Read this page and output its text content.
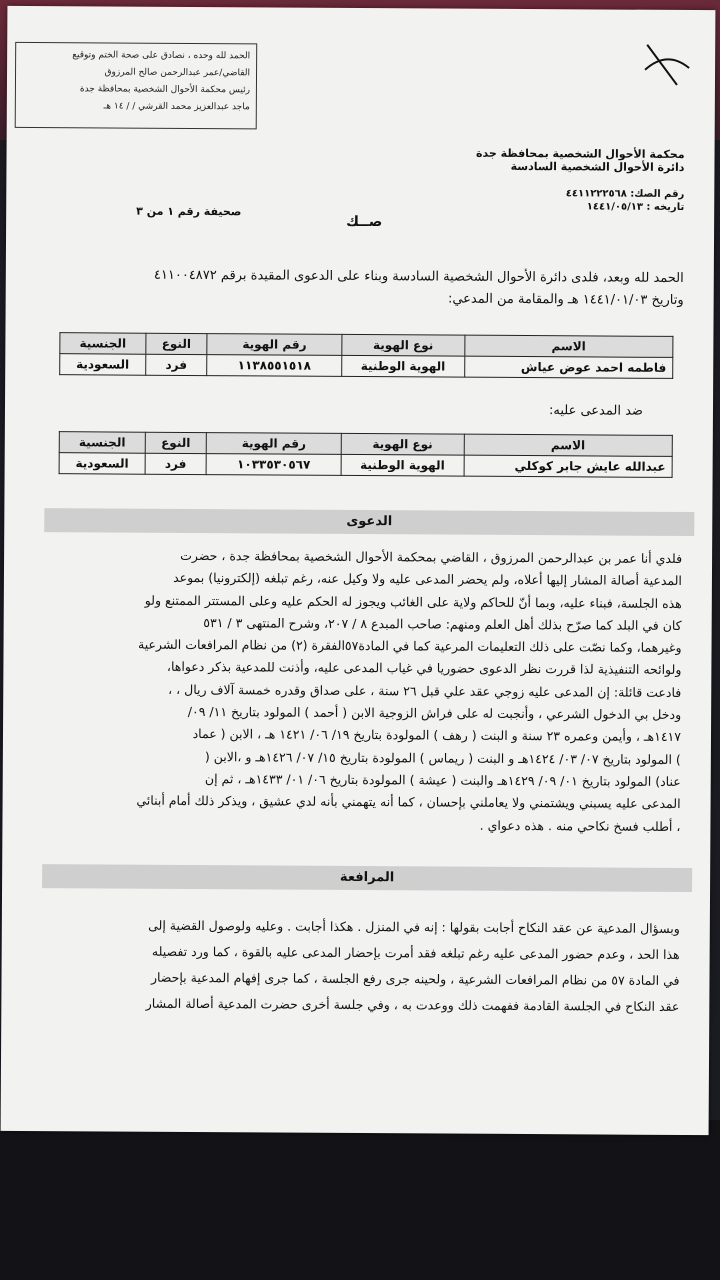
الحمد لله وحده ، نصادق على صحة الختم وتوقيع
القاضي/عمر عبدالرحمن صالح المرزوق
رئيس محكمة الأحوال الشخصية بمحافظة جدة
ماجد عبدالعزيز محمد القرشي / / ١٤ هـ
محكمة الأحوال الشخصية بمحافظة جدة
دائرة الأحوال الشخصية السادسة
رقم الصك: ٤٤١١٢٢٢٥٦٨
تاريخه : ١٤٤١/٠٥/١٣
صحيفة رقم ١ من ٣
صــك
الحمد لله وبعد، فلدى دائرة الأحوال الشخصية السادسة وبناء على الدعوى المقيدة برقم ٤١١٠٠٤٨٧٢
وتاريخ ١٤٤١/٠١/٠٣ هـ والمقامة من المدعي:
الاسم	نوع الهوية	رقم الهوية	النوع	الجنسية
فاطمه احمد عوض عياش	الهوية الوطنية	١١٣٨٥٥١٥١٨	فرد	السعودية
ضد المدعى عليه:
الاسم	نوع الهوية	رقم الهوية	النوع	الجنسية
عبدالله عايش جابر كوكلي	الهوية الوطنية	١٠٣٣٥٣٠٥٦٧	فرد	السعودية
الدعوى
فلدي أنا عمر بن عبدالرحمن المرزوق ، القاضي بمحكمة الأحوال الشخصية بمحافظة جدة ، حضرت
المدعية أصالة المشار إليها أعلاه، ولم يحضر المدعى عليه ولا وكيل عنه، رغم تبلغه (إلكترونيا) بموعد
هذه الجلسة، فبناء عليه، وبما أنّ للحاكم ولاية على الغائب ويجوز له الحكم عليه وعلى المستتر الممتنع ولو
كان في البلد كما صرّح بذلك أهل العلم ومنهم: صاحب المبدع ٨ / ٢٠٧، وشرح المنتهى ٣ / ٥٣١
وغيرهما، وكما نصّت على ذلك التعليمات المرعية كما في المادة٥٧الفقرة (٢) من نظام المرافعات الشرعية
ولوائحه التنفيذية لذا قررت نظر الدعوى حضوريا في غياب المدعى عليه، وأذنت للمدعية بذكر دعواها،
فادعت قائلة: إن المدعى عليه زوجي عقد علي قبل ٢٦ سنة ، على صداق وقدره خمسة آلاف ريال ، ،
ودخل بي الدخول الشرعي ، وأنجبت له على فراش الزوجية الابن ( أحمد ) المولود بتاريخ ١١/ ٠٩/
١٤١٧هـ ، وأيمن وعمره ٢٣ سنة و البنت ( رهف ) المولودة بتاريخ ١٩/ ٠٦/ ١٤٢١ هـ ، الابن ( عماد
) المولود بتاريخ ٠٧/ ٠٣/ ١٤٢٤هـ و البنت ( ريماس ) المولودة بتاريخ ١٥/ ٠٧/ ١٤٢٦هـ و ،الابن (
عناد) المولود بتاريخ ٠١/ ٠٩/ ١٤٢٩هـ والبنت ( عيشة ) المولودة بتاريخ ٠٦/ ٠١/ ١٤٣٣هـ ، ثم إن
المدعى عليه يسبني ويشتمني ولا يعاملني بإحسان ، كما أنه يتهمني بأنه لدي عشيق ، ويذكر ذلك أمام أبنائي
، أطلب فسخ نكاحي منه . هذه دعواي .
المرافعة
وبسؤال المدعية عن عقد النكاح أجابت بقولها : إنه في المنزل . هكذا أجابت . وعليه ولوصول القضية إلى
هذا الحد ، وعدم حضور المدعى عليه رغم تبلغه فقد أمرت بإحضار المدعى عليه بالقوة ، كما ورد تفصيله
في المادة ٥٧ من نظام المرافعات الشرعية ، ولحينه جرى رفع الجلسة ، كما جرى إفهام المدعية بإحضار
عقد النكاح في الجلسة القادمة ففهمت ذلك ووعدت به ، وفي جلسة أخرى حضرت المدعية أصالة المشار
